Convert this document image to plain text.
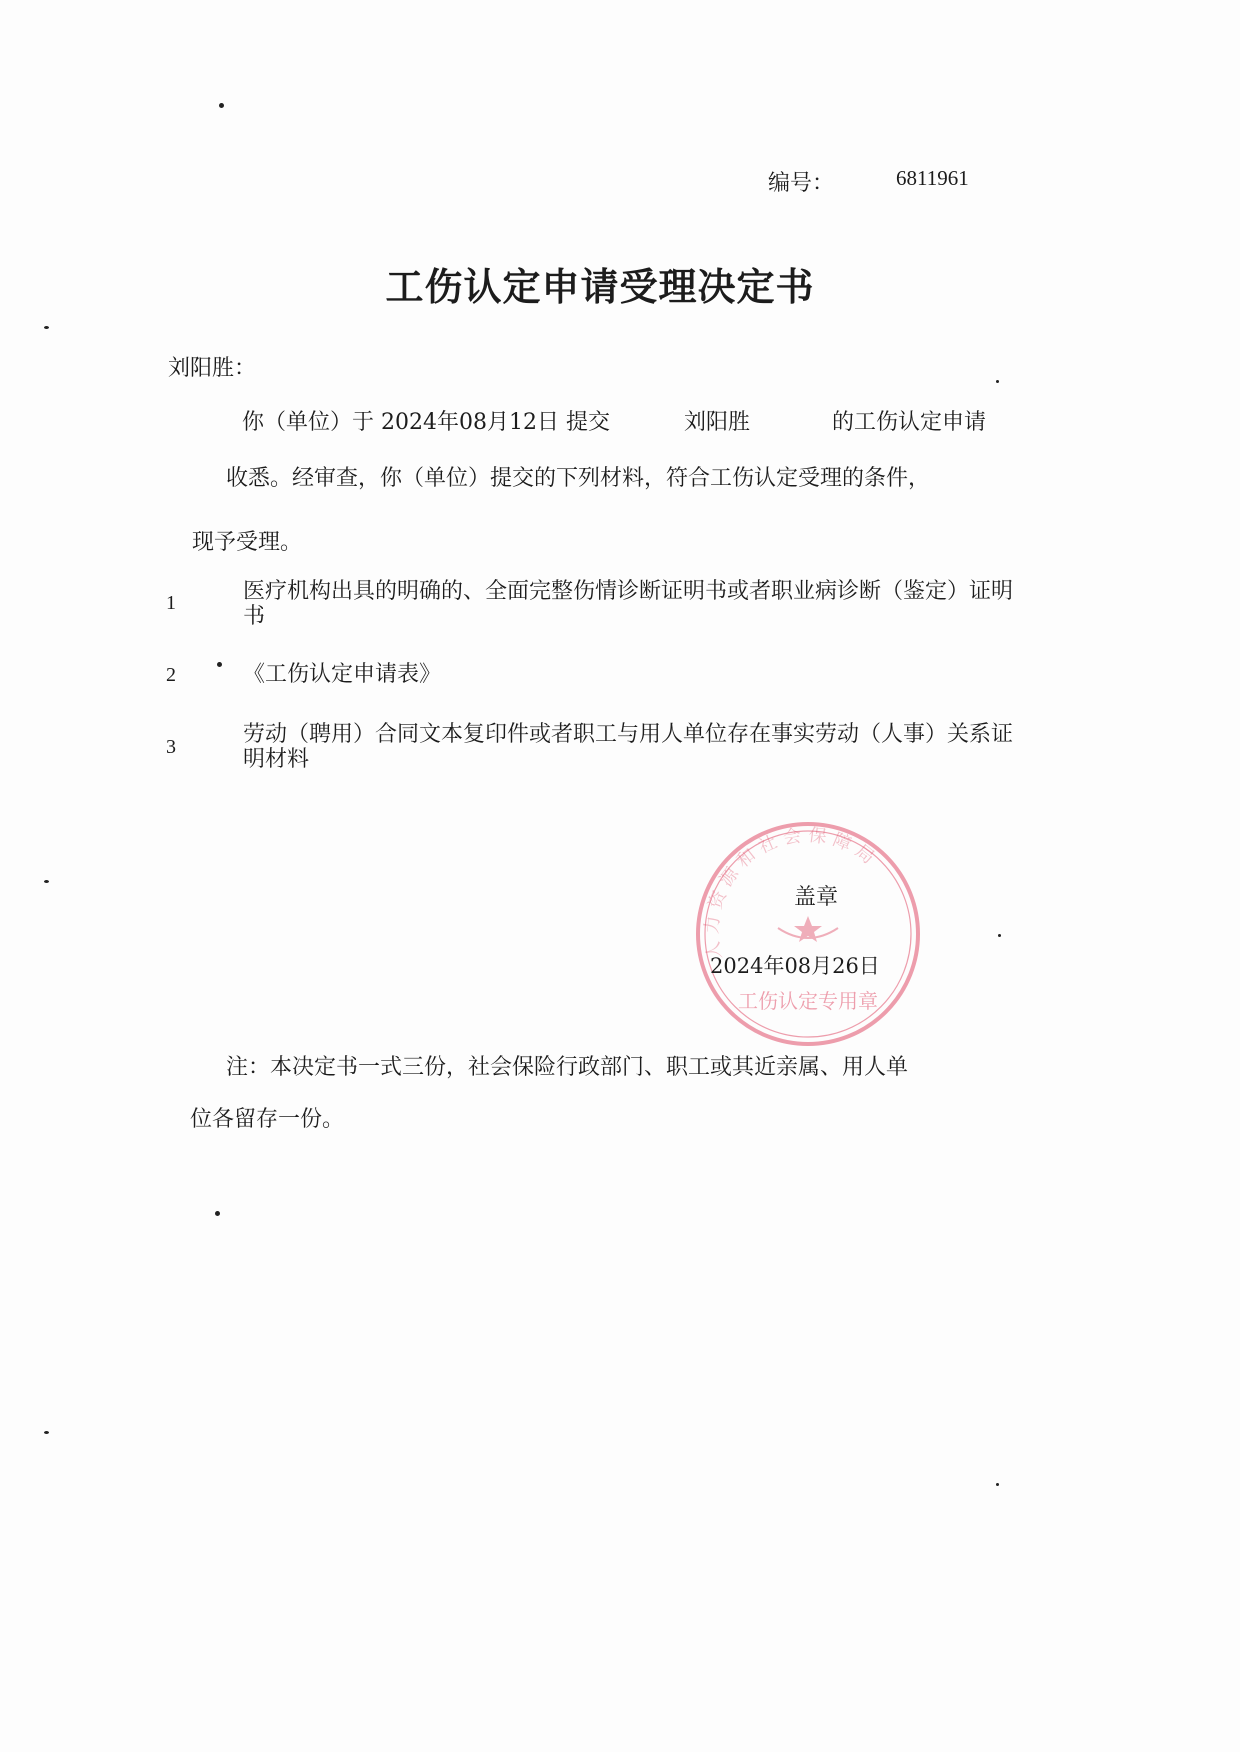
编号：	6811961
工伤认定申请受理决定书
刘阳胜：
你（单位）于 2024年08月12日 提交	刘阳胜	的工伤认定申请
收悉。经审查，你（单位）提交的下列材料，符合工伤认定受理的条件，
现予受理。
1	医疗机构出具的明确的、全面完整伤情诊断证明书或者职业病诊断（鉴定）证明书
2	《工伤认定申请表》
3	劳动（聘用）合同文本复印件或者职工与用人单位存在事实劳动（人事）关系证明材料
人力资源和社会保障局
工伤认定专用章
盖章
2024年08月26日
注：本决定书一式三份，社会保险行政部门、职工或其近亲属、用人单
位各留存一份。
